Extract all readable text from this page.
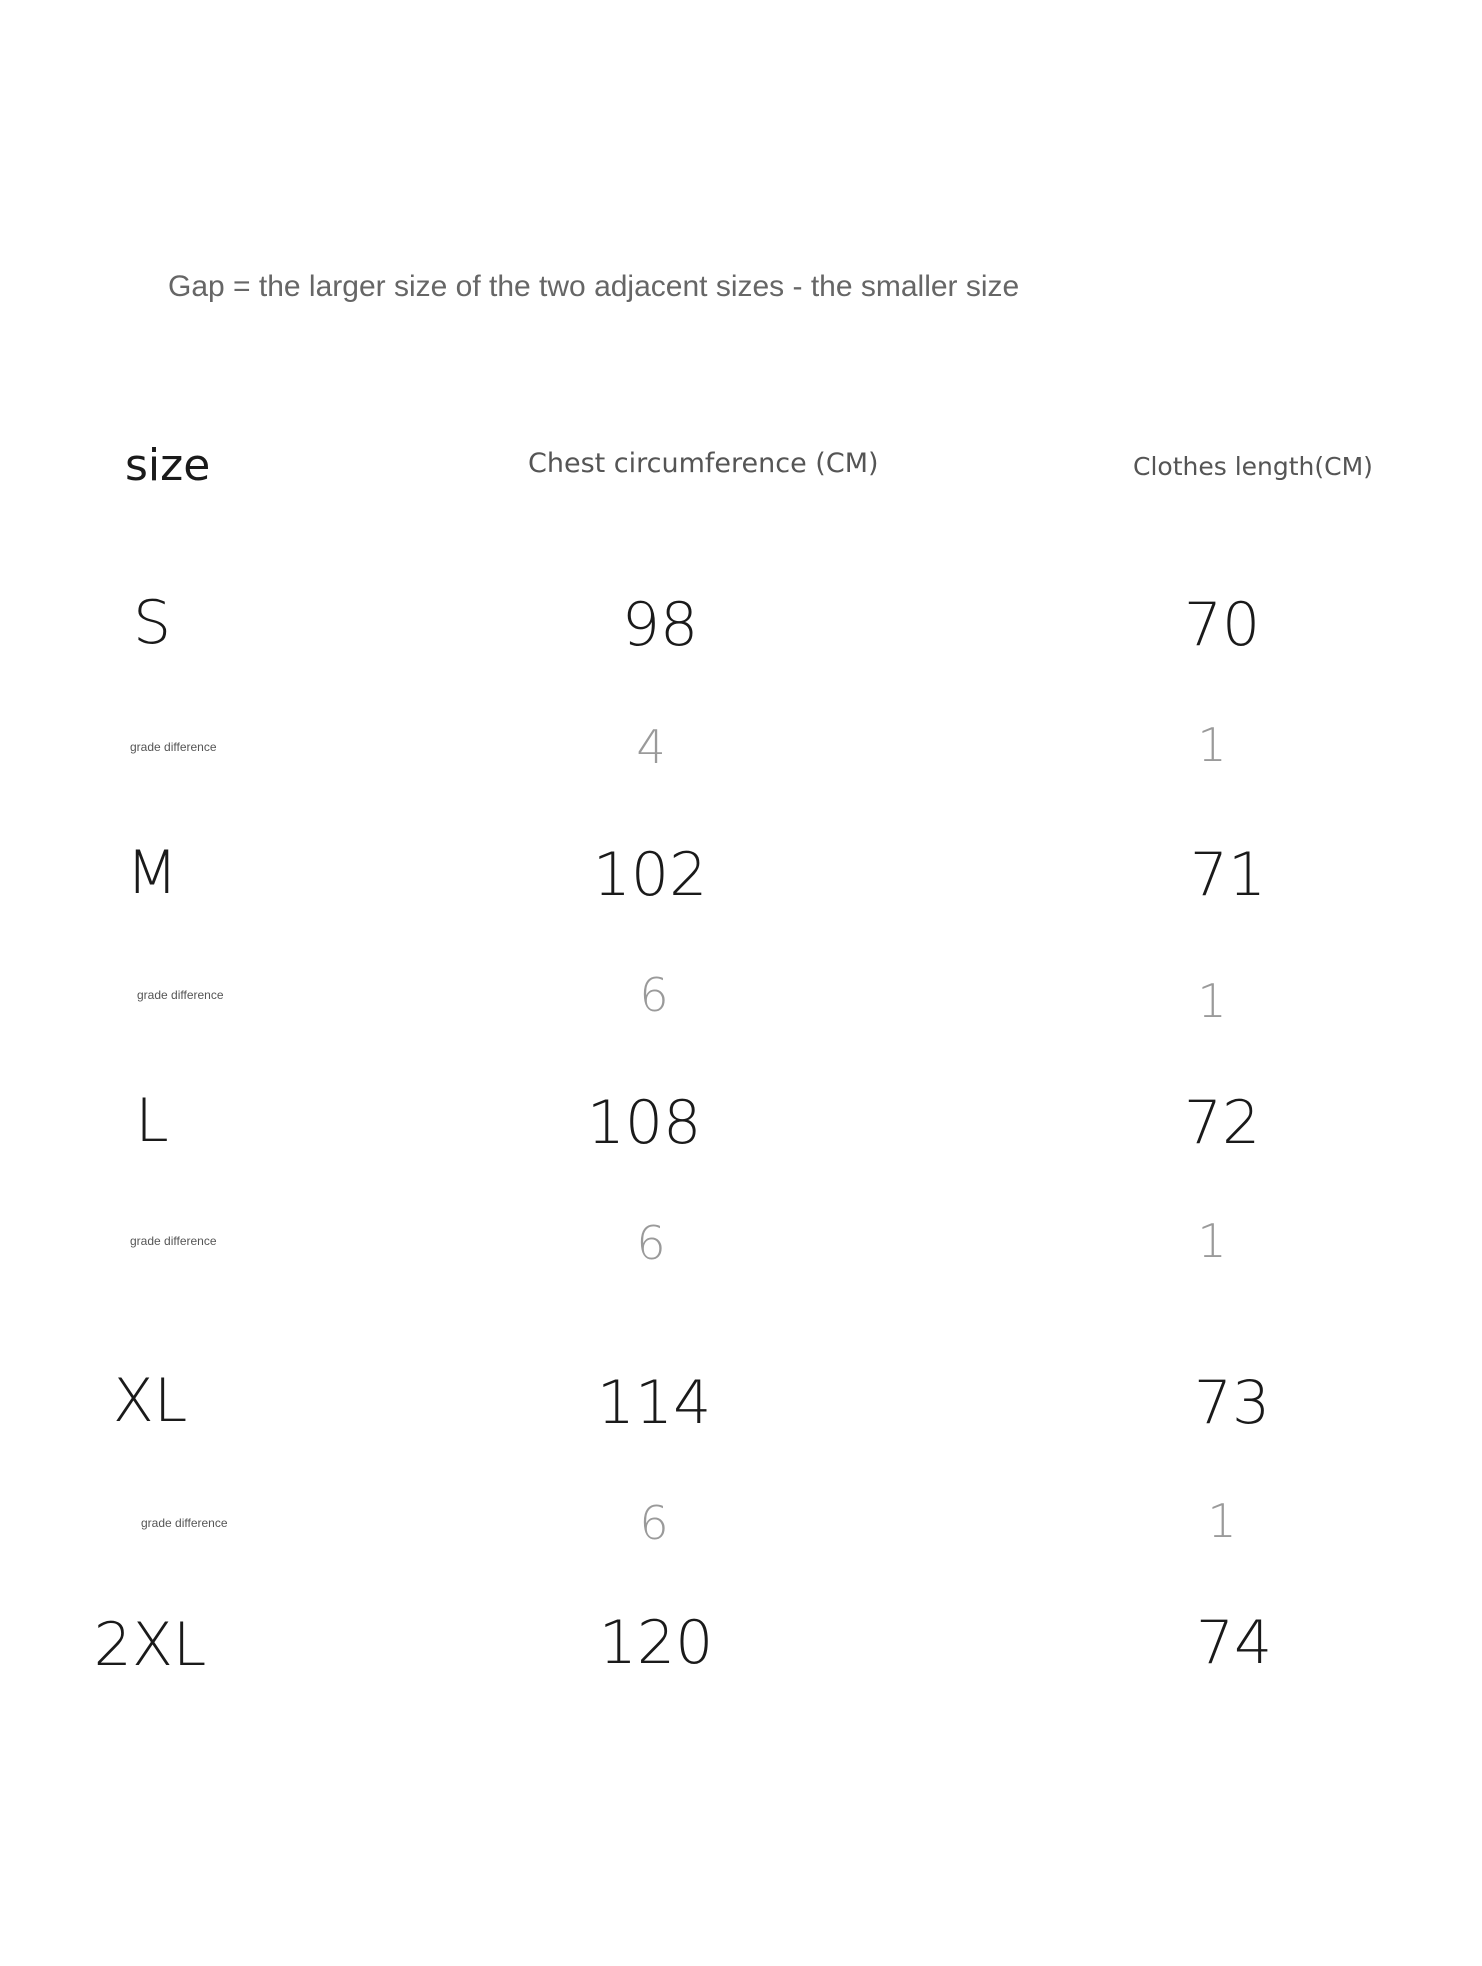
Gap = the larger size of the two adjacent sizes - the smaller size
size	Chest circumference (CM)	Clothes length(CM)
S	98	70
grade difference	4	1
M	102	71
grade difference	6	1
L	108	72
grade difference	6	1
XL	114	73
grade difference	6	1
2XL	120	74
